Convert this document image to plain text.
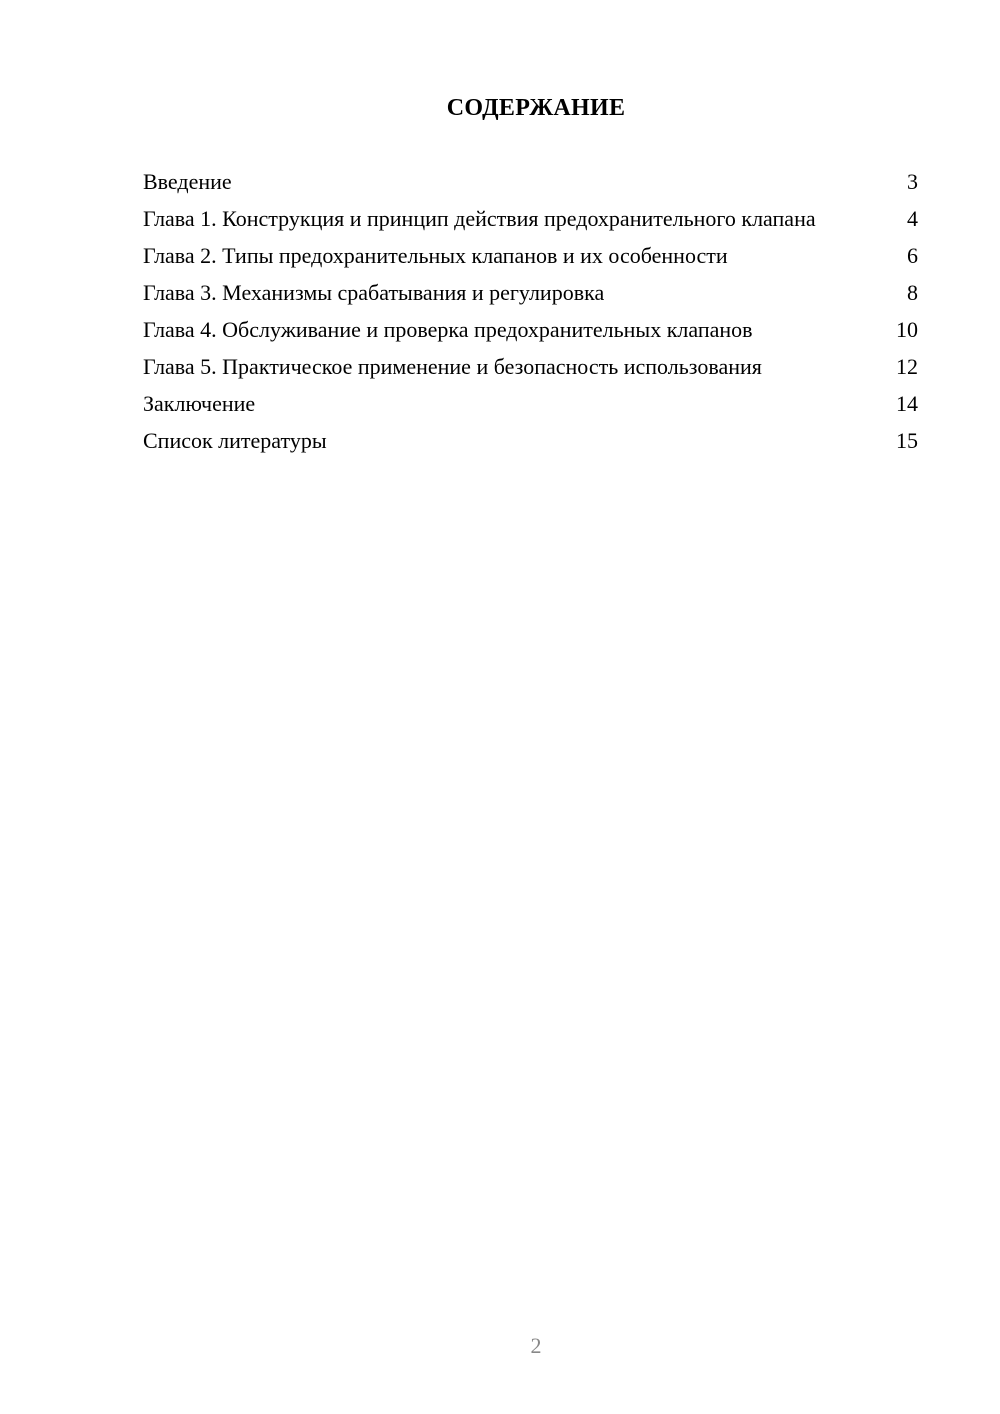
СОДЕРЖАНИЕ
Введение	3
Глава 1. Конструкция и принцип действия предохранительного клапана	4
Глава 2. Типы предохранительных клапанов и их особенности	6
Глава 3. Механизмы срабатывания и регулировка	8
Глава 4. Обслуживание и проверка предохранительных клапанов	10
Глава 5. Практическое применение и безопасность использования	12
Заключение	14
Список литературы	15
2
